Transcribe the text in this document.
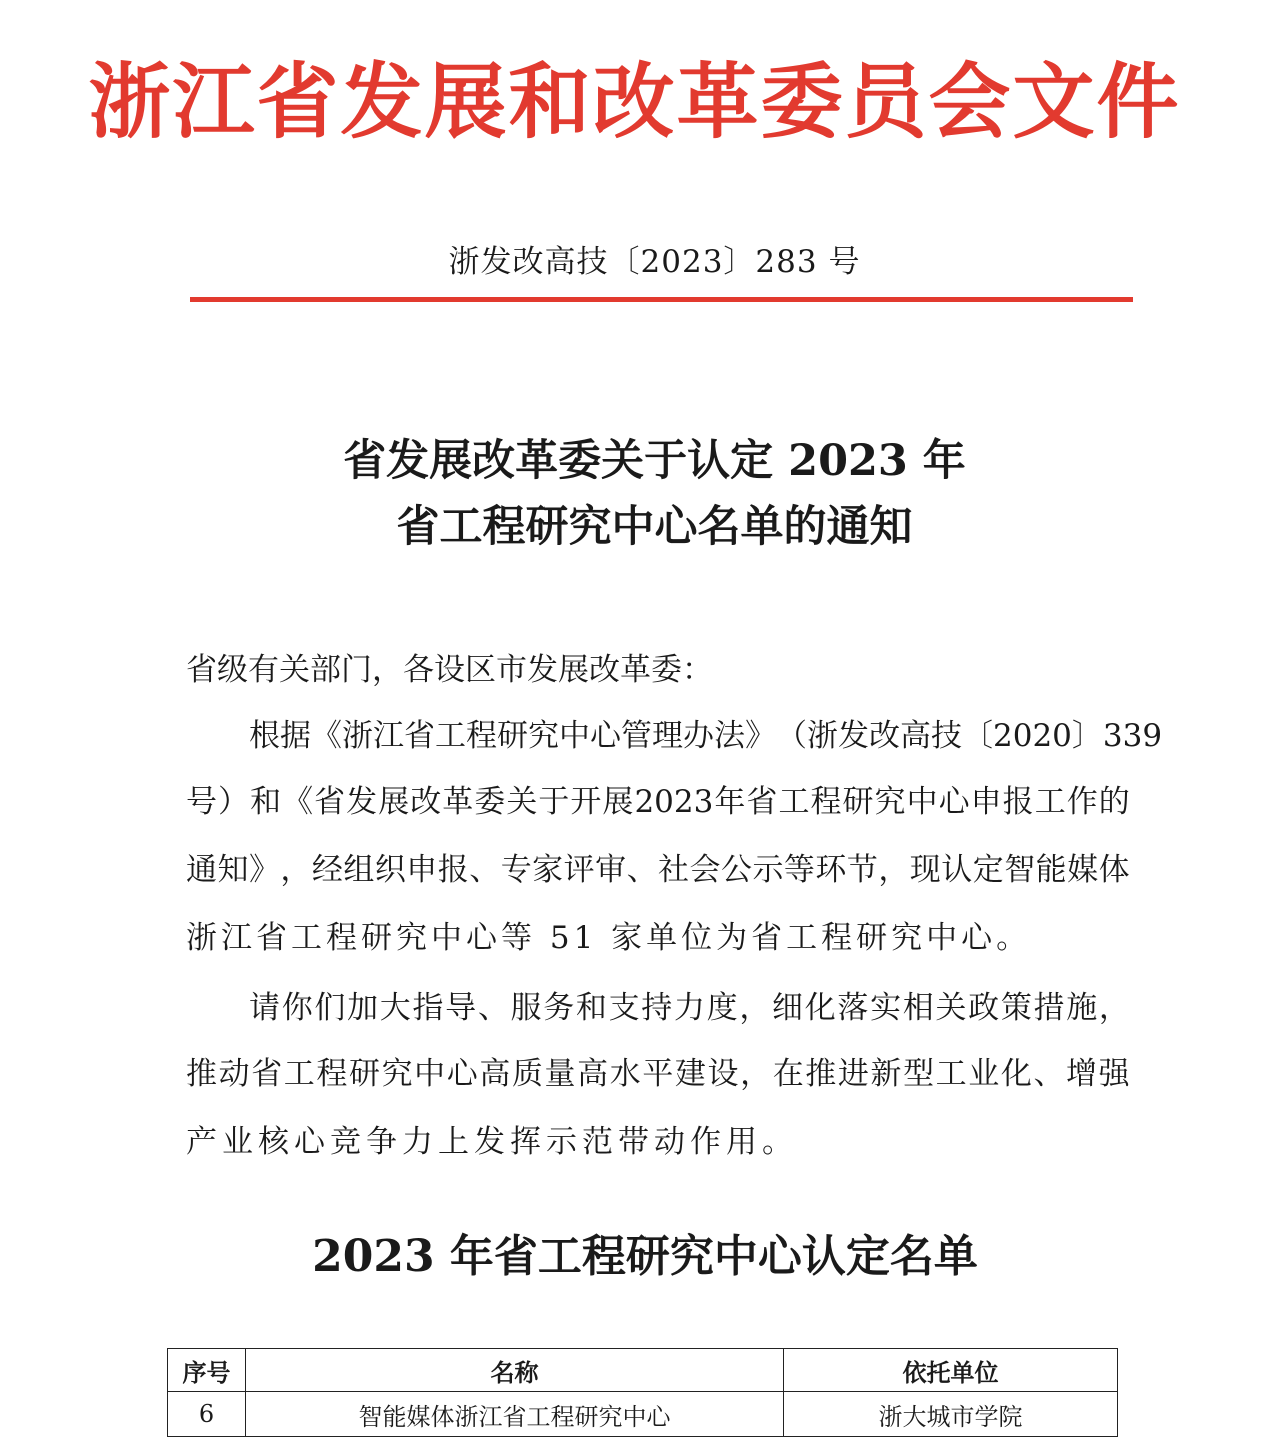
浙江省发展和改革委员会文件
浙发改高技〔2023〕283 号
省发展改革委关于认定 2023 年
省工程研究中心名单的通知
省级有关部门，各设区市发展改革委：
根 据 《 浙 江 省 工 程 研 究 中 心 管 理 办 法 》 （ 浙 发 改 高 技 〔 2020 〕 339
号 ） 和 《 省 发 展 改 革 委 关 于 开 展 2023 年 省 工 程 研 究 中 心 申 报 工 作 的
通 知 》 ， 经 组 织 申 报 、 专 家 评 审 、 社 会 公 示 等 环 节 ， 现 认 定 智 能 媒 体
浙江省工程研究中心等 51 家单位为省工程研究中心。
请 你 们 加 大 指 导 、 服 务 和 支 持 力 度 ， 细 化 落 实 相 关 政 策 措 施 ，
推 动 省 工 程 研 究 中 心 高 质 量 高 水 平 建 设 ， 在 推 进 新 型 工 业 化 、 增 强
产业核心竞争力上发挥示范带动作用。
2023 年省工程研究中心认定名单
序号	名称	依托单位
6	智能媒体浙江省工程研究中心	浙大城市学院
